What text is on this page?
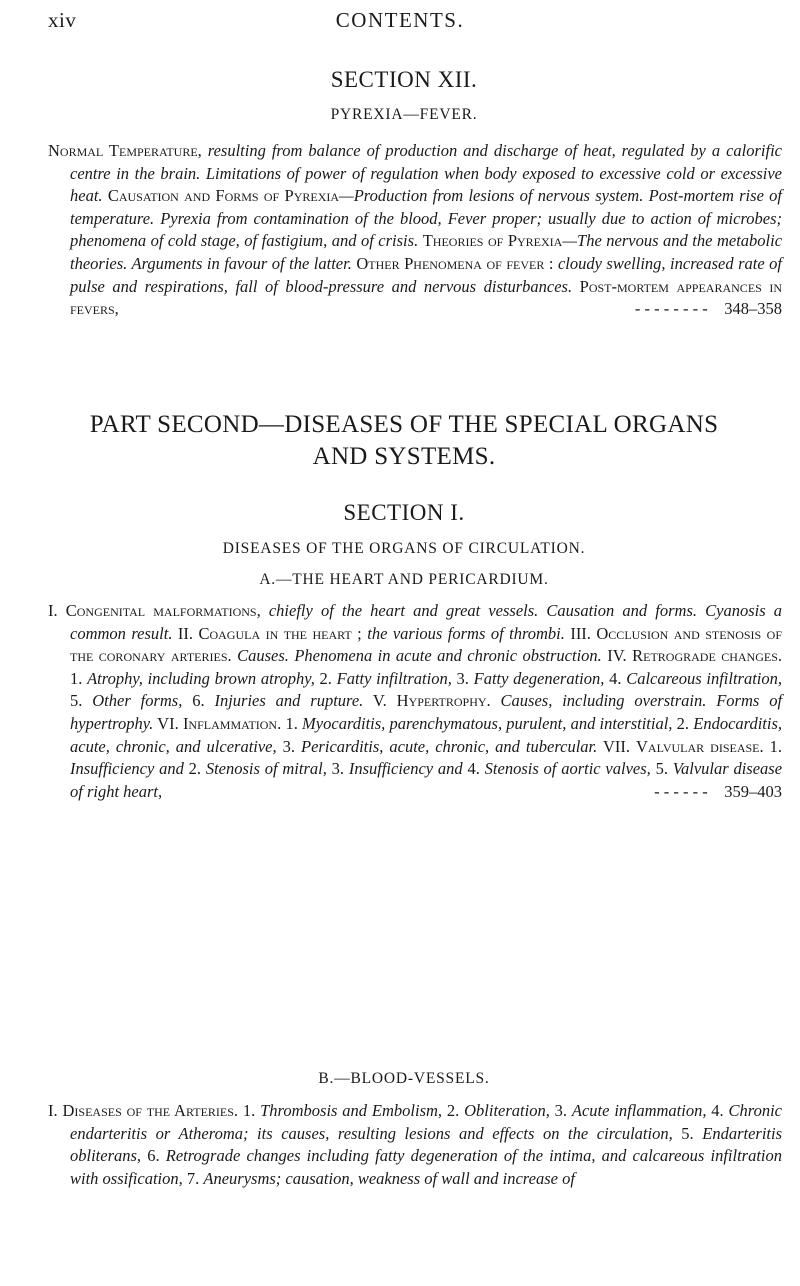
CONTENTS.
xiv
SECTION XII.
PYREXIA—FEVER.
Normal Temperature, resulting from balance of production and discharge of heat, regulated by a calorific centre in the brain. Limitations of power of regulation when body exposed to excessive cold or excessive heat. Causation and Forms of Pyrexia—Production from lesions of nervous system. Post-mortem rise of temperature. Pyrexia from contamination of the blood, Fever proper; usually due to action of microbes; phenomena of cold stage, of fastigium, and of crisis. Theories of Pyrexia—The nervous and the metabolic theories. Arguments in favour of the latter. Other Phenomena of fever : cloudy swelling, increased rate of pulse and respirations, fall of blood-pressure and nervous disturbances. Post-mortem appearances in fevers,	- - - - - - - - 348–358
PART SECOND—DISEASES OF THE SPECIAL ORGANS
AND SYSTEMS.
SECTION I.
DISEASES OF THE ORGANS OF CIRCULATION.
A.—THE HEART AND PERICARDIUM.
I. Congenital malformations, chiefly of the heart and great vessels. Causation and forms. Cyanosis a common result. II. Coagula in the heart ; the various forms of thrombi. III. Occlusion and stenosis of the coronary arteries. Causes. Phenomena in acute and chronic obstruction. IV. Retrograde changes. 1. Atrophy, including brown atrophy, 2. Fatty infiltration, 3. Fatty degeneration, 4. Calcareous infiltration, 5. Other forms, 6. Injuries and rupture. V. Hypertrophy. Causes, including overstrain. Forms of hypertrophy. VI. Inflammation. 1. Myocarditis, parenchymatous, purulent, and interstitial, 2. Endocarditis, acute, chronic, and ulcerative, 3. Pericarditis, acute, chronic, and tubercular. VII. Valvular disease. 1. Insufficiency and 2. Stenosis of mitral, 3. Insufficiency and 4. Stenosis of aortic valves, 5. Valvular disease of right heart,	- - - - - - 359–403
B.—BLOOD-VESSELS.
I. Diseases of the Arteries. 1. Thrombosis and Embolism, 2. Obliteration, 3. Acute inflammation, 4. Chronic endarteritis or Atheroma; its causes, resulting lesions and effects on the circulation, 5. Endarteritis obliterans, 6. Retrograde changes including fatty degeneration of the intima, and calcareous infiltration with ossification, 7. Aneurysms; causation, weakness of wall and increase of
